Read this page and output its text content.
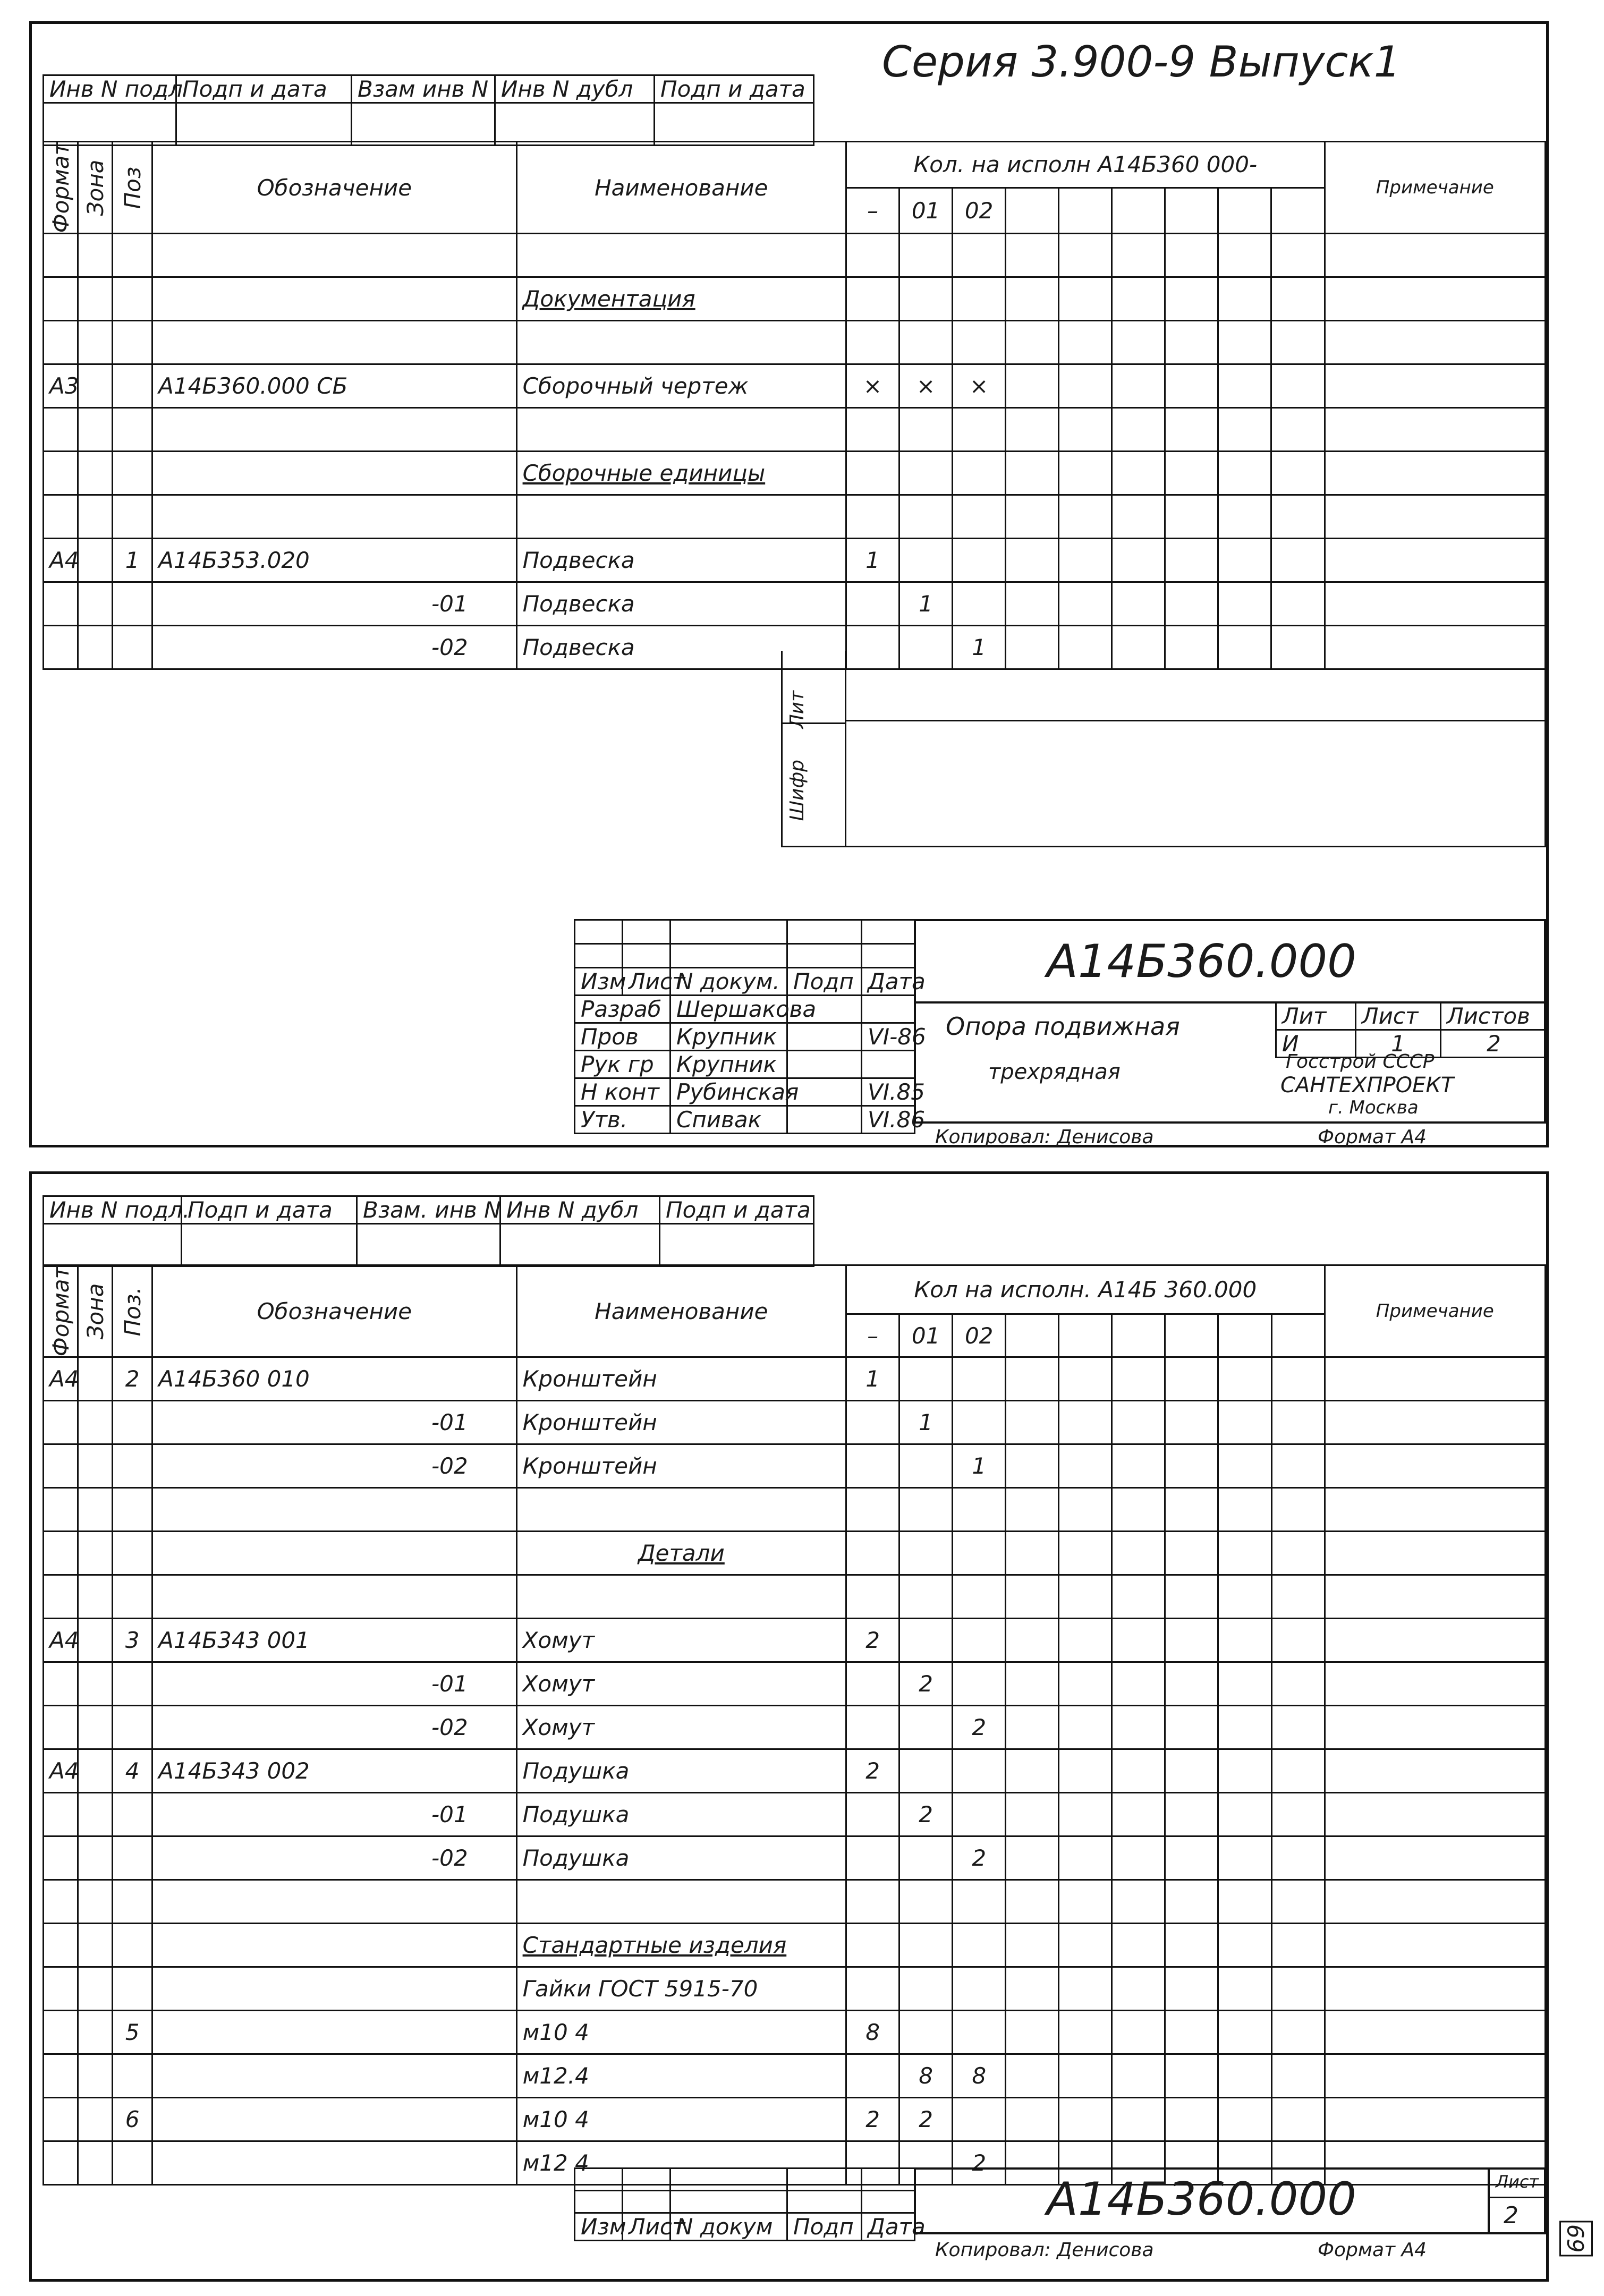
Серия 3.900-9 Выпуск1
Инв N подл	Подп и дата	Взам инв N	Инв N дубл	Подп и дата

Формат	Зона	Поз	Обозначение	Наименование	Кол. на исполн А14Б360 000-									Примечание
					–	01	02							

				Документация										

А3			А14Б360.000 СБ	Сборочный чертеж	×	×	×							

				Сборочные единицы										

А4		1	А14Б353.020	Подвеска	1									
			-01	Подвеска		1								
			-02	Подвеска			1							
Лит
Шифр

Изм	Лист	N докум.	Подп	Дата
Разраб		Шершакова		
Пров		Крупник		VI-86
Рук гр		Крупник		
Н конт		Рубинская		VI.85
Утв.		Спивак		VI.86
А14Б360.000
Опора подвижная
трехрядная
Лит	Лист	Листов
И	1	2
Госстрой СССР
САНТЕХПРОЕКТ
г. Москва
Копировал: Денисова	Формат А4
Инв N подл.	Подп и дата	Взам. инв N	Инв N дубл	Подп и дата

Формат	Зона	Поз.	Обозначение	Наименование	Кол на исполн. А14Б 360.000									Примечание
					–	01	02							
А4		2	А14Б360 010	Кронштейн	1									
			-01	Кронштейн		1								
			-02	Кронштейн			1							

				Детали										

А4		3	А14Б343 001	Хомут	2									
			-01	Хомут		2								
			-02	Хомут			2							
А4		4	А14Б343 002	Подушка	2									
			-01	Подушка		2								
			-02	Подушка			2							

				Стандартные изделия										
				Гайки ГОСТ 5915-70										
		5		м10 4	8									
				м12.4		8	8							
		6		м10 4	2	2								
				м12 4			2							

Изм	Лист	N докум	Подп	Дата
А14Б360.000	Лист
2
Копировал: Денисова	Формат А4	69
